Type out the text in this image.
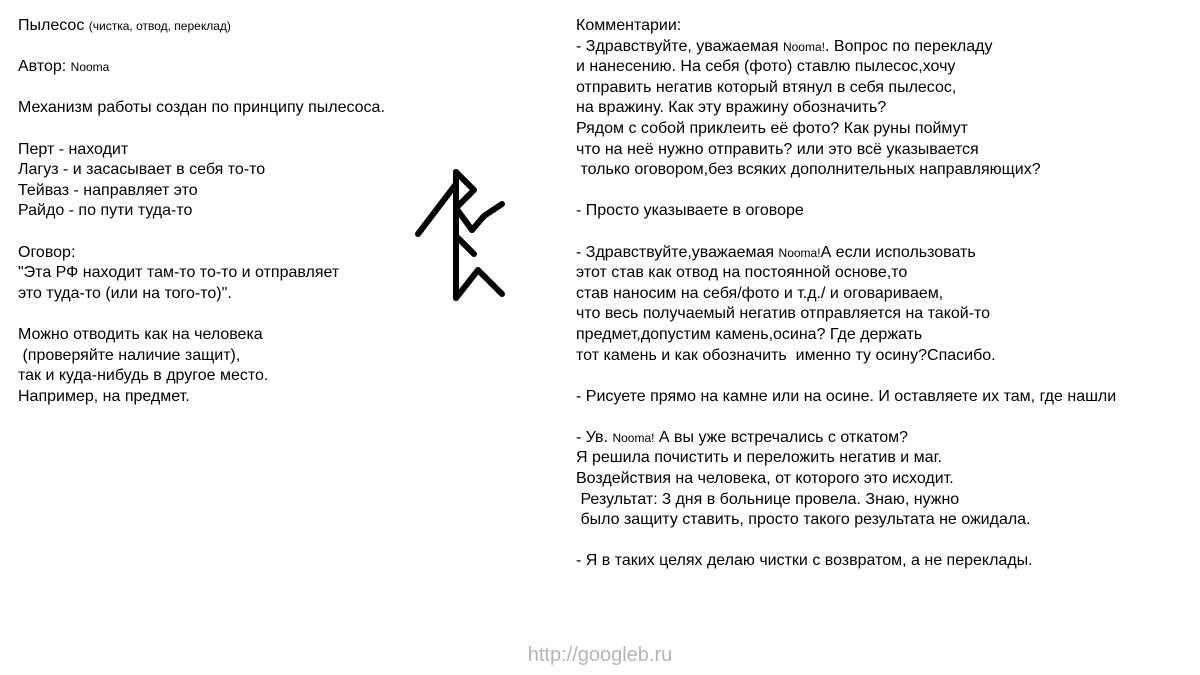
Пылесос (чистка, отвод, переклад)
Автор: Nooma
Механизм работы создан по принципу пылесоса.
Перт - находит
Лагуз - и засасывает в себя то-то
Тейваз - направляет это
Райдо - по пути туда-то
Оговор:
"Эта РФ находит там-то то-то и отправляет
это туда-то (или на того-то)".
Можно отводить как на человека
(проверяйте наличие защит),
так и куда-нибудь в другое место.
Например, на предмет.
Комментарии:
- Здравствуйте, уважаемая Nooma!. Вопрос по перекладу
и нанесению. На себя (фото) ставлю пылесос,хочу
отправить негатив который втянул в себя пылесос,
на вражину. Как эту вражину обозначить?
Рядом с собой приклеить её фото? Как руны поймут
что на неё нужно отправить? или это всё указывается
только оговором,без всяких дополнительных направляющих?
- Просто указываете в оговоре
- Здравствуйте,уважаемая Nooma!А если использовать
этот став как отвод на постоянной основе,то
став наносим на себя/фото и т.д./ и оговариваем,
что весь получаемый негатив отправляется на такой-то
предмет,допустим камень,осина? Где держать
тот камень и как обозначить  именно ту осину?Спасибо.
- Рисуете прямо на камне или на осине. И оставляете их там, где нашли
- Ув. Nooma! А вы уже встречались с откатом?
Я решила почистить и переложить негатив и маг.
Воздействия на человека, от которого это исходит.
Результат: 3 дня в больнице провела. Знаю, нужно
было защиту ставить, просто такого результата не ожидала.
- Я в таких целях делаю чистки с возвратом, а не переклады.
http://googleb.ru
